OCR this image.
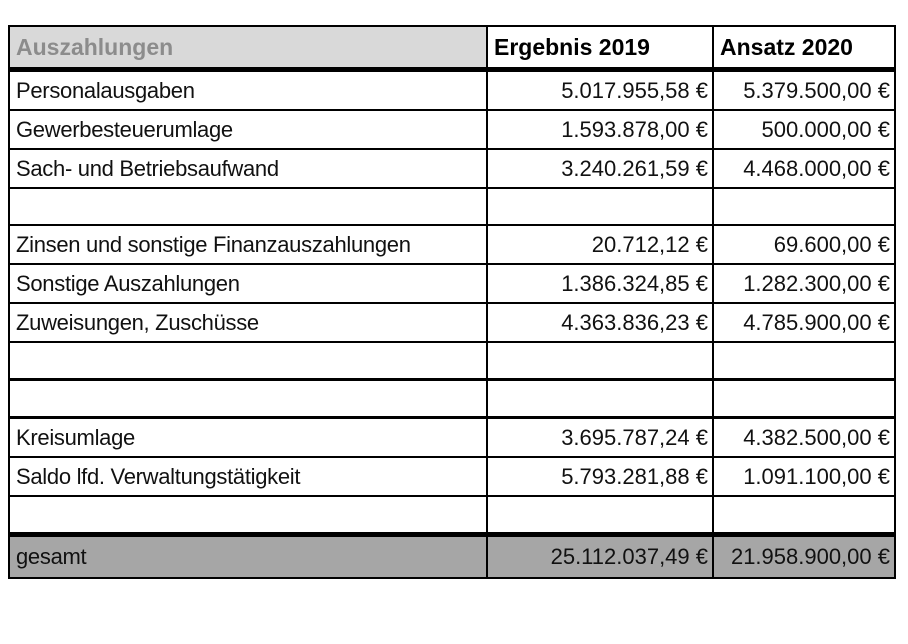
Auszahlungen	Ergebnis 2019	Ansatz 2020
Personalausgaben	5.017.955,58 €	5.379.500,00 €
Gewerbesteuerumlage	1.593.878,00 €	500.000,00 €
Sach- und Betriebsaufwand	3.240.261,59 €	4.468.000,00 €

Zinsen und sonstige Finanzauszahlungen	20.712,12 €	69.600,00 €
Sonstige Auszahlungen	1.386.324,85 €	1.282.300,00 €
Zuweisungen, Zuschüsse	4.363.836,23 €	4.785.900,00 €

Kreisumlage	3.695.787,24 €	4.382.500,00 €
Saldo lfd. Verwaltungstätigkeit	5.793.281,88 €	1.091.100,00 €

gesamt	25.112.037,49 €	21.958.900,00 €
